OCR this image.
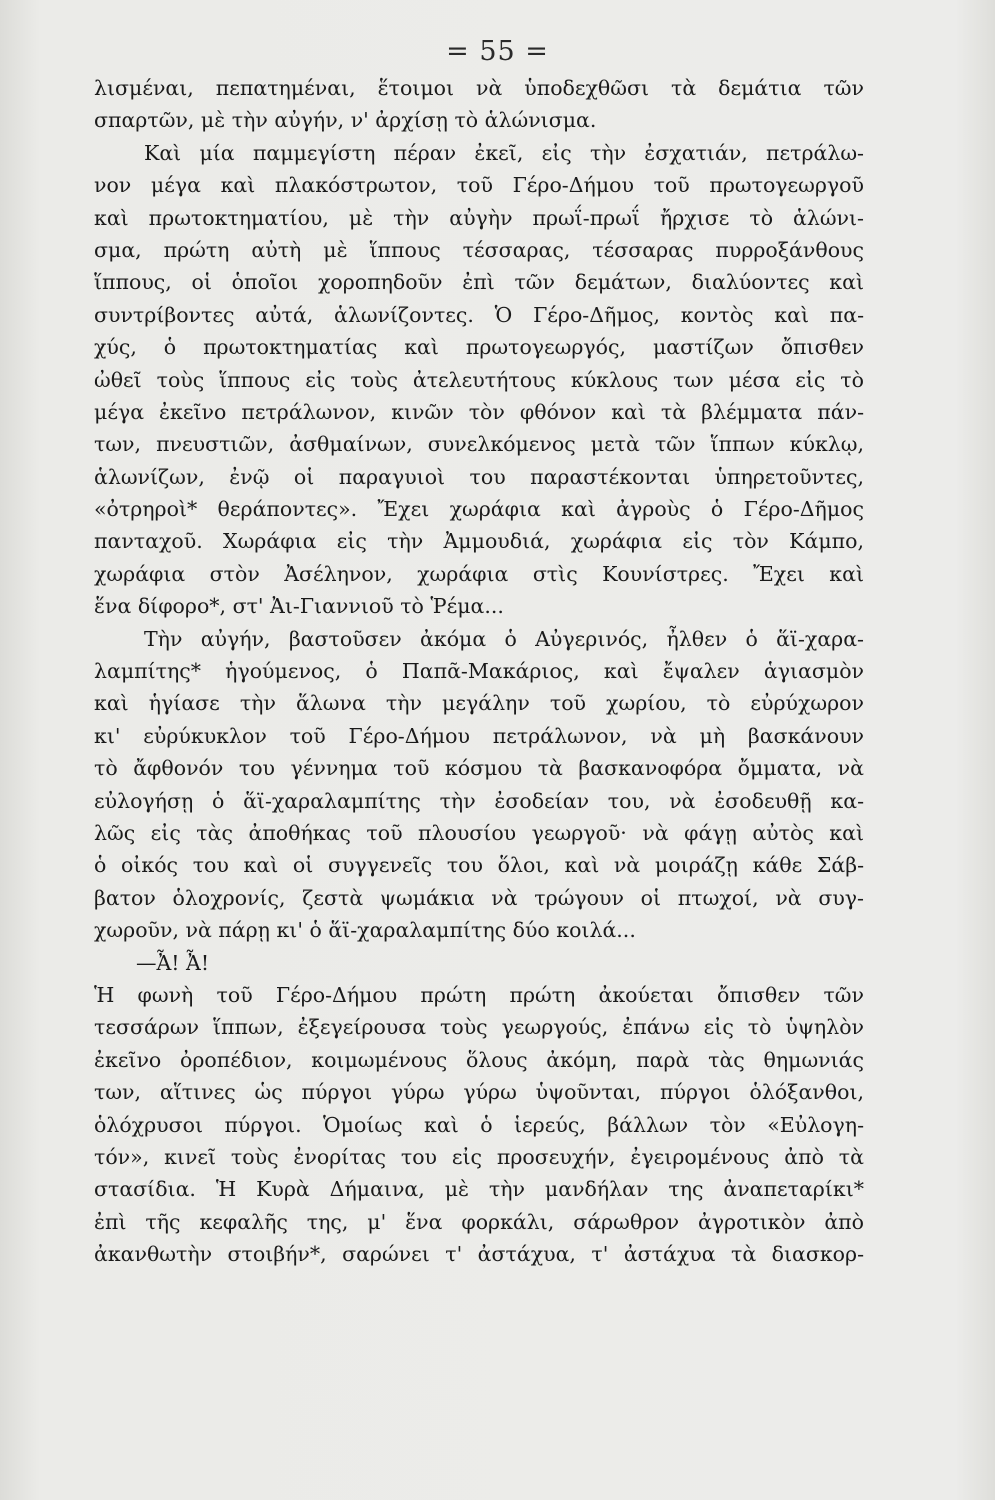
= 55 =
λισμέναι, πεπατημέναι, ἕτοιμοι νὰ ὑποδεχθῶσι τὰ δεμάτια τῶν
σπαρτῶν, μὲ τὴν αὐγήν, ν' ἀρχίσῃ τὸ ἁλώνισμα.
Καὶ μία παμμεγίστη πέραν ἐκεῖ, εἰς τὴν ἐσχατιάν, πετράλω-
νον μέγα καὶ πλακόστρωτον, τοῦ Γέρο-Δήμου τοῦ πρωτογεωργοῦ
καὶ πρωτοκτηματίου, μὲ τὴν αὐγὴν πρωΐ-πρωΐ ἤρχισε τὸ ἁλώνι-
σμα, πρώτη αὐτὴ μὲ ἵππους τέσσαρας, τέσσαρας πυρροξάνθους
ἵππους, οἱ ὁποῖοι χοροπηδοῦν ἐπὶ τῶν δεμάτων, διαλύοντες καὶ
συντρίβοντες αὐτά, ἁλωνίζοντες. Ὁ Γέρο-Δῆμος, κοντὸς καὶ πα-
χύς, ὁ πρωτοκτηματίας καὶ πρωτογεωργός, μαστίζων ὄπισθεν
ὠθεῖ τοὺς ἵππους εἰς τοὺς ἀτελευτήτους κύκλους των μέσα εἰς τὸ
μέγα ἐκεῖνο πετράλωνον, κινῶν τὸν φθόνον καὶ τὰ βλέμματα πάν-
των, πνευστιῶν, ἀσθμαίνων, συνελκόμενος μετὰ τῶν ἵππων κύκλῳ,
ἁλωνίζων, ἐνῷ οἱ παραγυιοὶ του παραστέκονται ὑπηρετοῦντες,
«ὀτρηροὶ* θεράποντες». Ἔχει χωράφια καὶ ἀγροὺς ὁ Γέρο-Δῆμος
πανταχοῦ. Χωράφια εἰς τὴν Ἀμμουδιά, χωράφια εἰς τὸν Κάμπο,
χωράφια στὸν Ἀσέληνον, χωράφια στὶς Κουνίστρες. Ἔχει καὶ
ἕνα δίφορο*, στ' Ἀι-Γιαννιοῦ τὸ Ῥέμα...
Τὴν αὐγήν, βαστοῦσεν ἀκόμα ὁ Αὐγερινός, ἦλθεν ὁ ἅϊ-χαρα-
λαμπίτης* ἡγούμενος, ὁ Παπᾶ-Μακάριος, καὶ ἔψαλεν ἁγιασμὸν
καὶ ἡγίασε τὴν ἅλωνα τὴν μεγάλην τοῦ χωρίου, τὸ εὐρύχωρον
κι' εὐρύκυκλον τοῦ Γέρο-Δήμου πετράλωνον, νὰ μὴ βασκάνουν
τὸ ἄφθονόν του γέννημα τοῦ κόσμου τὰ βασκανοφόρα ὄμματα, νὰ
εὐλογήσῃ ὁ ἅϊ-χαραλαμπίτης τὴν ἐσοδείαν του, νὰ ἐσοδευθῇ κα-
λῶς εἰς τὰς ἀποθήκας τοῦ πλουσίου γεωργοῦ· νὰ φάγῃ αὐτὸς καὶ
ὁ οἰκός του καὶ οἱ συγγενεῖς του ὅλοι, καὶ νὰ μοιράζῃ κάθε Σάβ-
βατον ὁλοχρονίς, ζεστὰ ψωμάκια νὰ τρώγουν οἱ πτωχοί, νὰ συγ-
χωροῦν, νὰ πάρῃ κι' ὁ ἅϊ-χαραλαμπίτης δύο κοιλά...
—Ἆ! Ἆ!
Ἡ φωνὴ τοῦ Γέρο-Δήμου πρώτη πρώτη ἀκούεται ὄπισθεν τῶν
τεσσάρων ἵππων, ἐξεγείρουσα τοὺς γεωργούς, ἐπάνω εἰς τὸ ὑψηλὸν
ἐκεῖνο ὀροπέδιον, κοιμωμένους ὅλους ἀκόμη, παρὰ τὰς θημωνιάς
των, αἵτινες ὡς πύργοι γύρω γύρω ὑψοῦνται, πύργοι ὁλόξανθοι,
ὁλόχρυσοι πύργοι. Ὁμοίως καὶ ὁ ἱερεύς, βάλλων τὸν «Εὐλογη-
τόν», κινεῖ τοὺς ἐνορίτας του εἰς προσευχήν, ἐγειρομένους ἀπὸ τὰ
στασίδια. Ἡ Κυρὰ Δήμαινα, μὲ τὴν μανδήλαν της ἀναπεταρίκι*
ἐπὶ τῆς κεφαλῆς της, μ' ἕνα φορκάλι, σάρωθρον ἀγροτικὸν ἀπὸ
ἀκανθωτὴν στοιβήν*, σαρώνει τ' ἀστάχυα, τ' ἀστάχυα τὰ διασκορ-
